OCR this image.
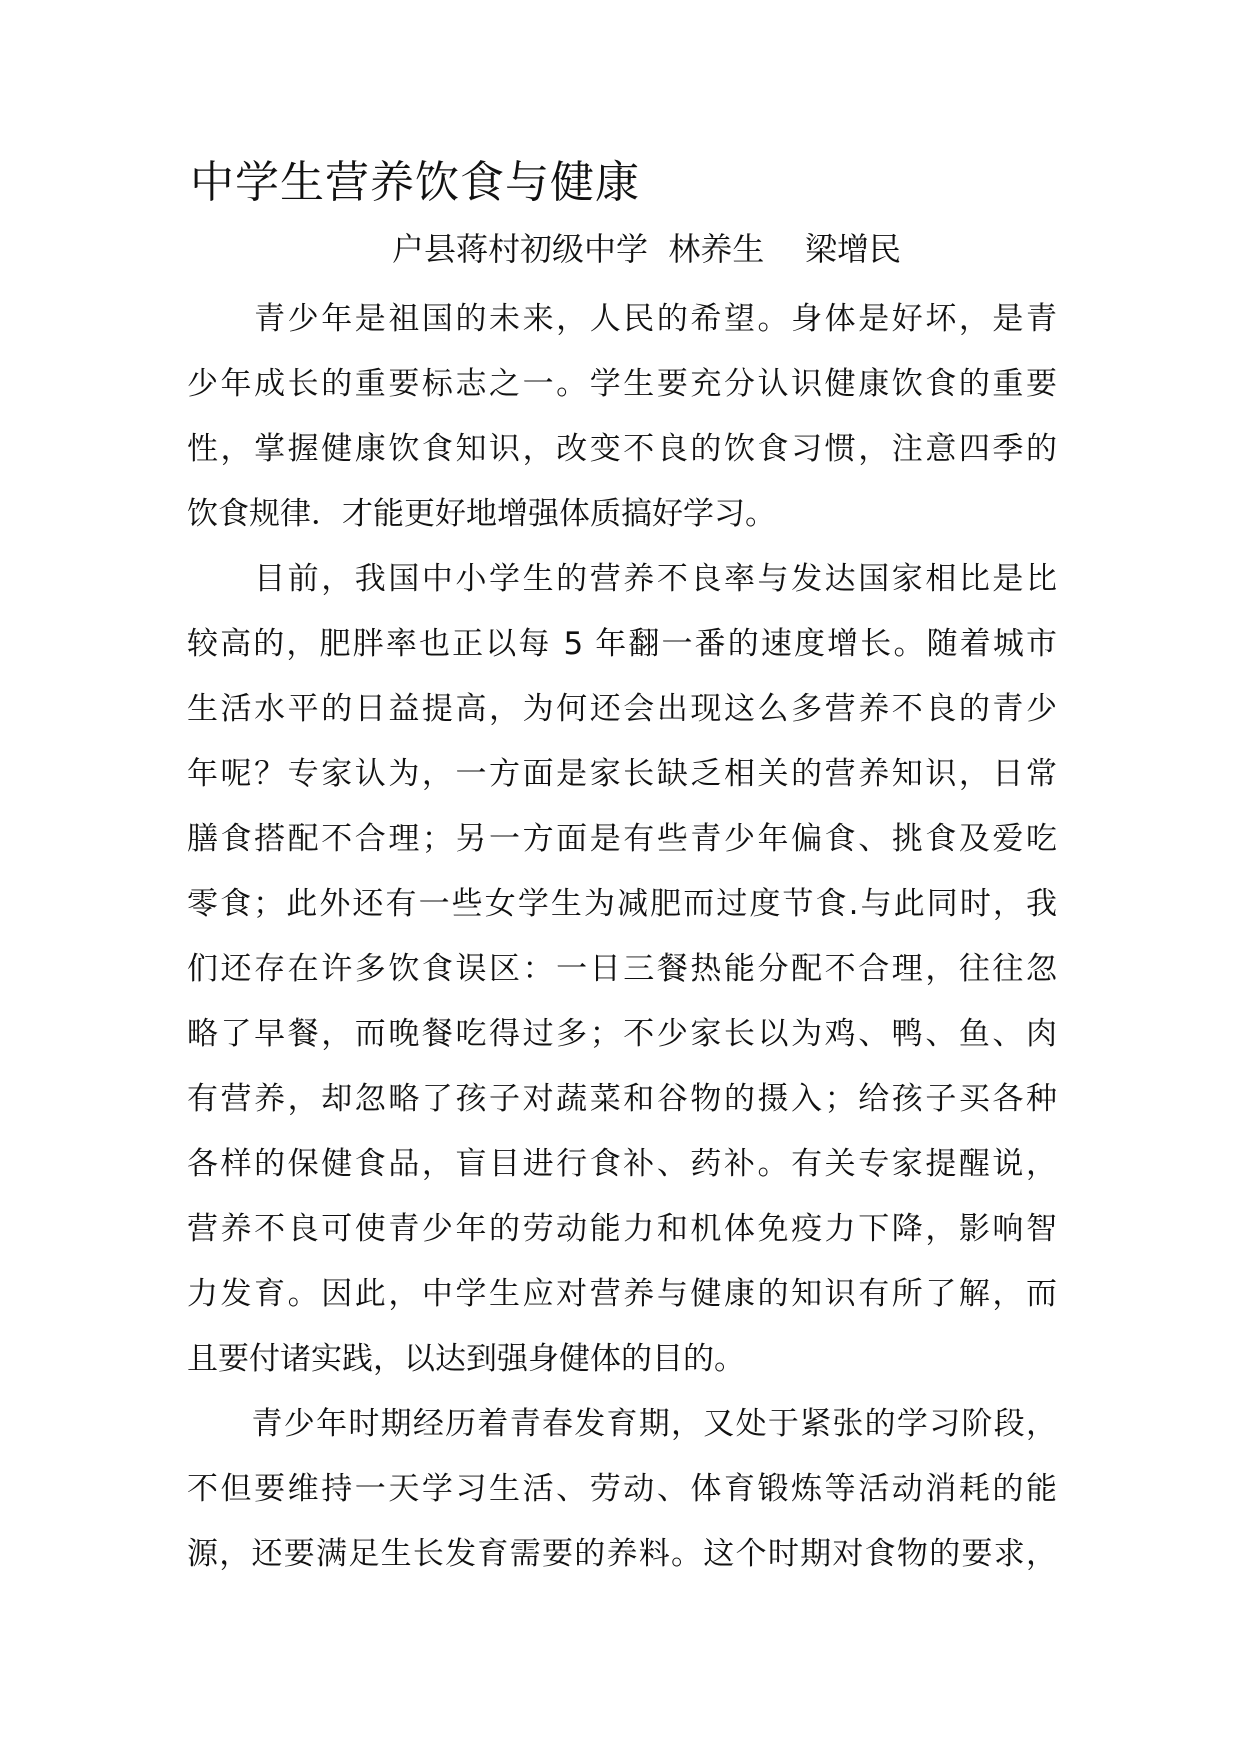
中学生营养饮食与健康

户县蒋村初级中学  林养生    梁增民

　　青少年是祖国的未来，人民的希望。身体是好坏，是青
少年成长的重要标志之一。学生要充分认识健康饮食的重要
性，掌握健康饮食知识，改变不良的饮食习惯，注意四季的
饮食规律．才能更好地增强体质搞好学习。
　　目前，我国中小学生的营养不良率与发达国家相比是比
较高的，肥胖率也正以每 5 年翻一番的速度增长。随着城市
生活水平的日益提高，为何还会出现这么多营养不良的青少
年呢？专家认为，一方面是家长缺乏相关的营养知识，日常
膳食搭配不合理；另一方面是有些青少年偏食、挑食及爱吃
零食；此外还有一些女学生为减肥而过度节食.与此同时，我
们还存在许多饮食误区：一日三餐热能分配不合理，往往忽
略了早餐，而晚餐吃得过多；不少家长以为鸡、鸭、鱼、肉
有营养，却忽略了孩子对蔬菜和谷物的摄入；给孩子买各种
各样的保健食品，盲目进行食补、药补。有关专家提醒说，
营养不良可使青少年的劳动能力和机体免疫力下降，影响智
力发育。因此，中学生应对营养与健康的知识有所了解，而
且要付诸实践，以达到强身健体的目的。
　　青少年时期经历着青春发育期，又处于紧张的学习阶段，
不但要维持一天学习生活、劳动、体育锻炼等活动消耗的能
源，还要满足生长发育需要的养料。这个时期对食物的要求，
